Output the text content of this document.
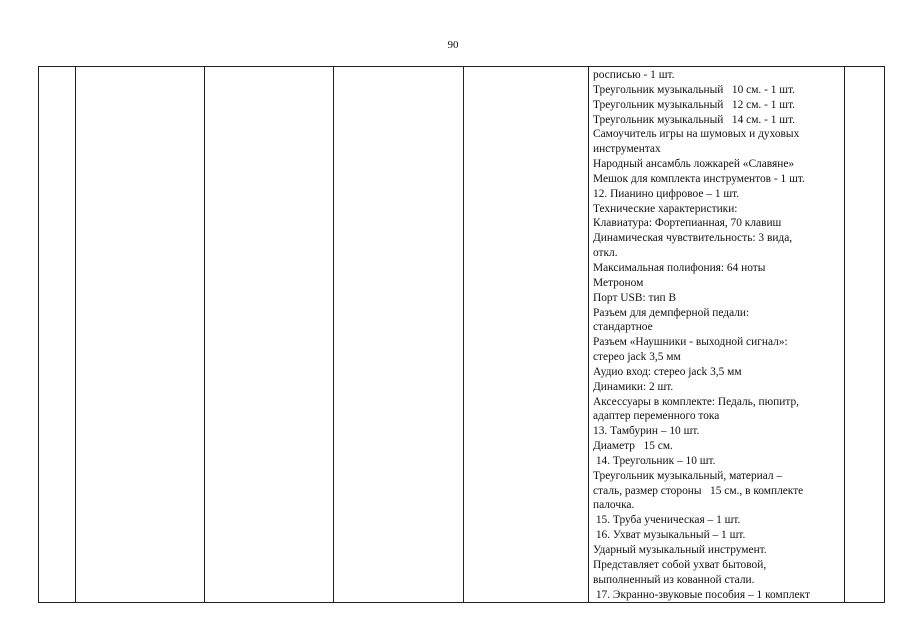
90

росписью - 1 шт.
Треугольник музыкальный   10 см. - 1 шт.
Треугольник музыкальный   12 см. - 1 шт.
Треугольник музыкальный   14 см. - 1 шт.
Самоучитель игры на шумовых и духовых
инструментах
Народный ансамбль ложкарей «Славяне»
Мешок для комплекта инструментов - 1 шт.
12. Пианино цифровое – 1 шт.
Технические характеристики:
Клавиатура: Фортепианная, 70 клавиш
Динамическая чувствительность: 3 вида,
откл.
Максимальная полифония: 64 ноты
Метроном
Порт USB: тип B
Разъем для демпферной педали:
стандартное
Разъем «Наушники - выходной сигнал»:
стерео jack 3,5 мм
Аудио вход: стерео jack 3,5 мм
Динамики: 2 шт.
Аксессуары в комплекте: Педаль, пюпитр,
адаптер переменного тока
13. Тамбурин – 10 шт.
Диаметр   15 см.
14. Треугольник – 10 шт.
Треугольник музыкальный, материал –
сталь, размер стороны   15 см., в комплекте
палочка.
15. Труба ученическая – 1 шт.
16. Ухват музыкальный – 1 шт.
Ударный музыкальный инструмент.
Представляет собой ухват бытовой,
выполненный из кованной стали.
17. Экранно-звуковые пособия – 1 комплект
